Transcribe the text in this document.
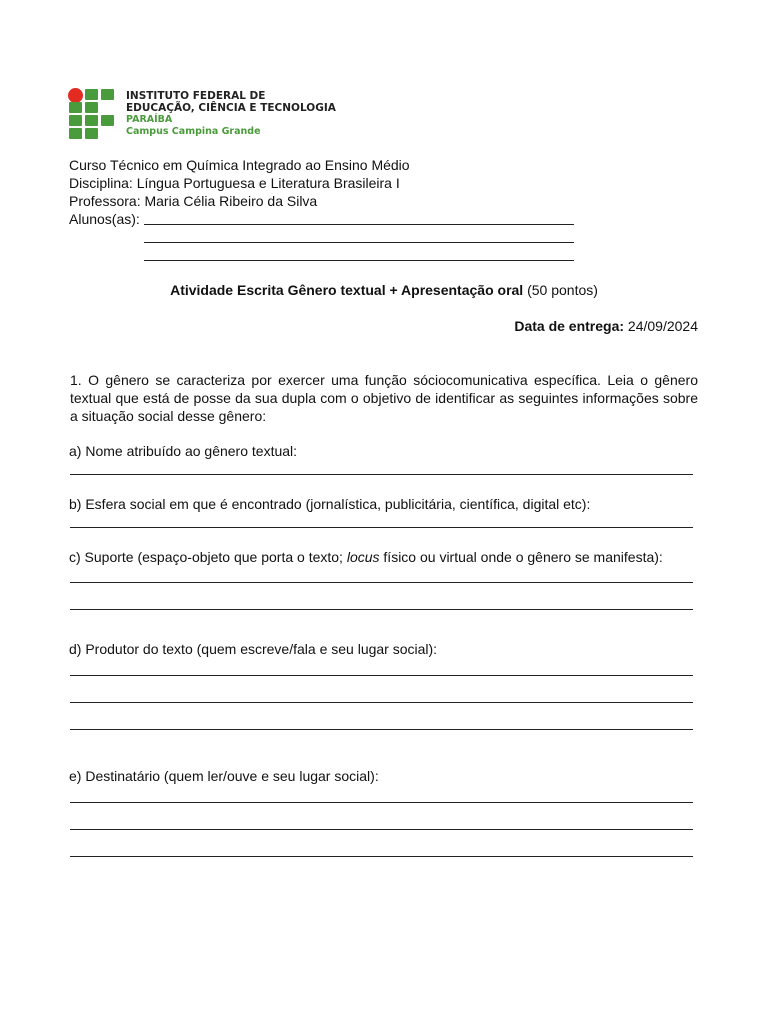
INSTITUTO FEDERAL DE
EDUCAÇÃO, CIÊNCIA E TECNOLOGIA
PARAÍBA
Campus Campina Grande
Curso Técnico em Química Integrado ao Ensino Médio
Disciplina: Língua Portuguesa e Literatura Brasileira I
Professora: Maria Célia Ribeiro da Silva
Alunos(as):
Atividade Escrita Gênero textual + Apresentação oral (50 pontos)
Data de entrega: 24/09/2024
1. O gênero se caracteriza por exercer uma função sóciocomunicativa específica. Leia o gênero textual que está de posse da sua dupla com o objetivo de identificar as seguintes informações sobre a situação social desse gênero:
a) Nome atribuído ao gênero textual:
b) Esfera social em que é encontrado (jornalística, publicitária, científica, digital etc):
c) Suporte (espaço-objeto que porta o texto; locus físico ou virtual onde o gênero se manifesta):
d) Produtor do texto (quem escreve/fala e seu lugar social):
e) Destinatário (quem ler/ouve e seu lugar social):
